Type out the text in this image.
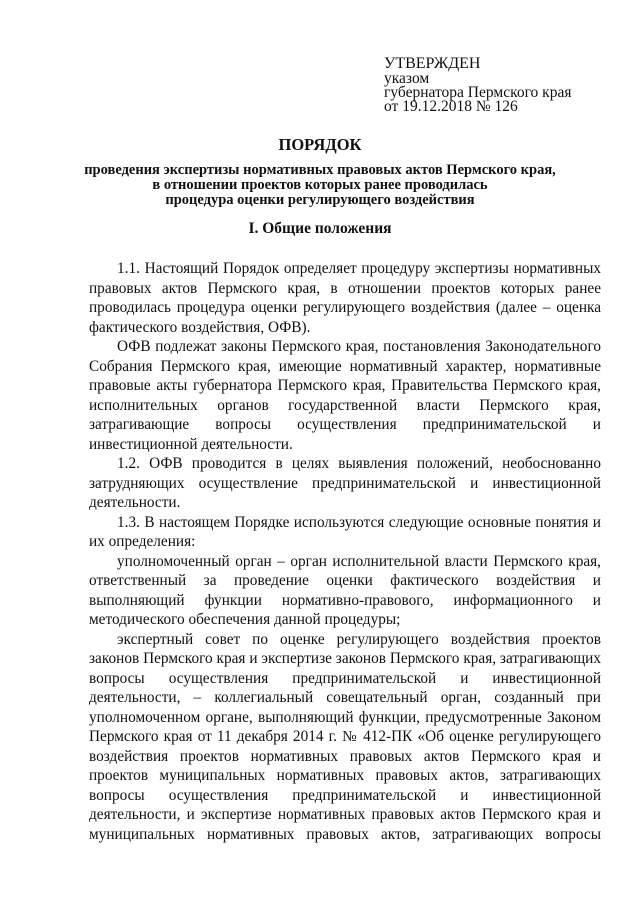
УТВЕРЖДЕН
указом
губернатора Пермского края
от 19.12.2018 № 126
ПОРЯДОК
проведения экспертизы нормативных правовых актов Пермского края,
в отношении проектов которых ранее проводилась
процедура оценки регулирующего воздействия
I. Общие положения

1.1. Настоящий Порядок определяет процедуру экспертизы нормативных правовых актов Пермского края, в отношении проектов которых ранее проводилась процедура оценки регулирующего воздействия (далее – оценка фактического воздействия, ОФВ).

ОФВ подлежат законы Пермского края, постановления Законодательного Собрания Пермского края, имеющие нормативный характер, нормативные правовые акты губернатора Пермского края, Правительства Пермского края, исполнительных органов государственной власти Пермского края, затрагивающие вопросы осуществления предпринимательской и инвестиционной деятельности.

1.2. ОФВ проводится в целях выявления положений, необоснованно затрудняющих осуществление предпринимательской и инвестиционной деятельности.

1.3. В настоящем Порядке используются следующие основные понятия и их определения:

уполномоченный орган – орган исполнительной власти Пермского края, ответственный за проведение оценки фактического воздействия и выполняющий функции нормативно-правового, информационного и методического обеспечения данной процедуры;

экспертный совет по оценке регулирующего воздействия проектов законов Пермского края и экспертизе законов Пермского края, затрагивающих вопросы осуществления предпринимательской и инвестиционной деятельности, – коллегиальный совещательный орган, созданный при уполномоченном органе, выполняющий функции, предусмотренные Законом Пермского края от 11 декабря 2014 г. № 412-ПК «Об оценке регулирующего воздействия проектов нормативных правовых актов Пермского края и проектов муниципальных нормативных правовых актов, затрагивающих вопросы осуществления предпринимательской и инвестиционной деятельности, и экспертизе нормативных правовых актов Пермского края и муниципальных нормативных правовых актов, затрагивающих вопросы
